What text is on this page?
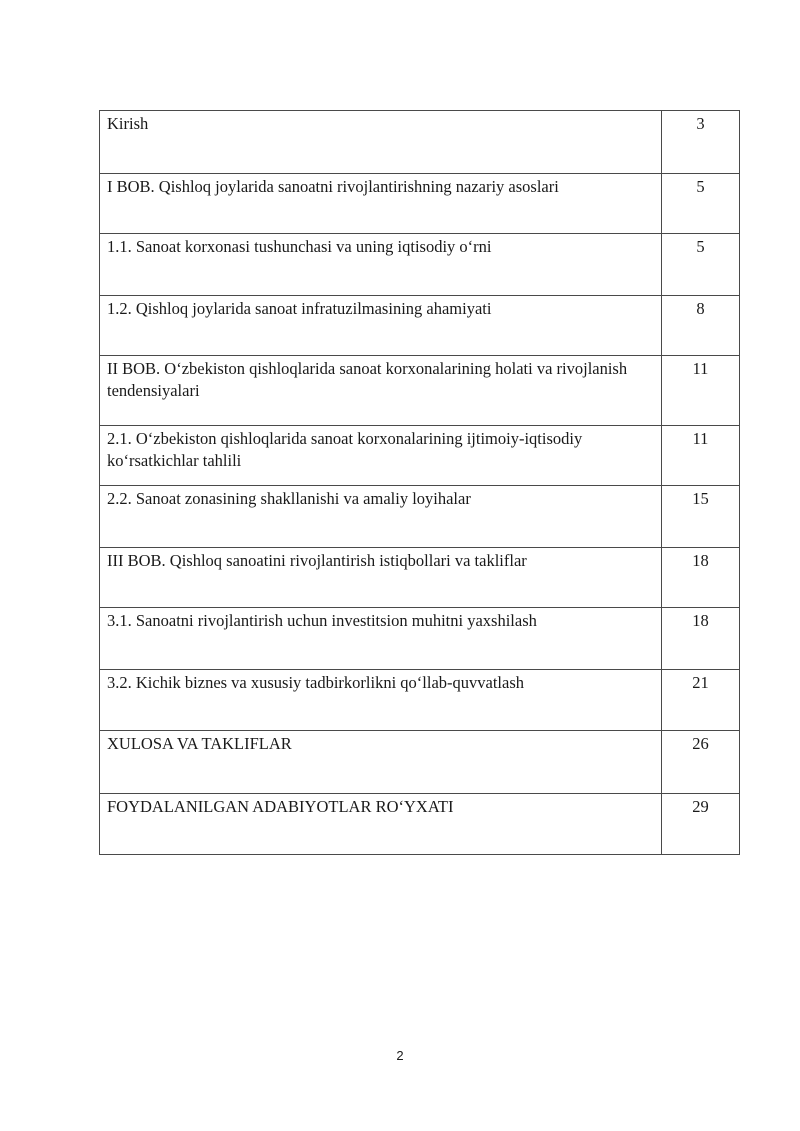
Kirish	3
I BOB. Qishloq joylarida sanoatni rivojlantirishning nazariy asoslari	5
1.1. Sanoat korxonasi tushunchasi va uning iqtisodiy o‘rni	5
1.2. Qishloq joylarida sanoat infratuzilmasining ahamiyati	8
II BOB. O‘zbekiston qishloqlarida sanoat korxonalarining holati va rivojlanish tendensiyalari	11
2.1. O‘zbekiston qishloqlarida sanoat korxonalarining ijtimoiy-iqtisodiy ko‘rsatkichlar tahlili	11
2.2. Sanoat zonasining shakllanishi va amaliy loyihalar	15
III BOB. Qishloq sanoatini rivojlantirish istiqbollari va takliflar	18
3.1. Sanoatni rivojlantirish uchun investitsion muhitni yaxshilash	18
3.2. Kichik biznes va xususiy tadbirkorlikni qo‘llab-quvvatlash	21
XULOSA VA TAKLIFLAR	26
FOYDALANILGAN ADABIYOTLAR RO‘YXATI	29
2
